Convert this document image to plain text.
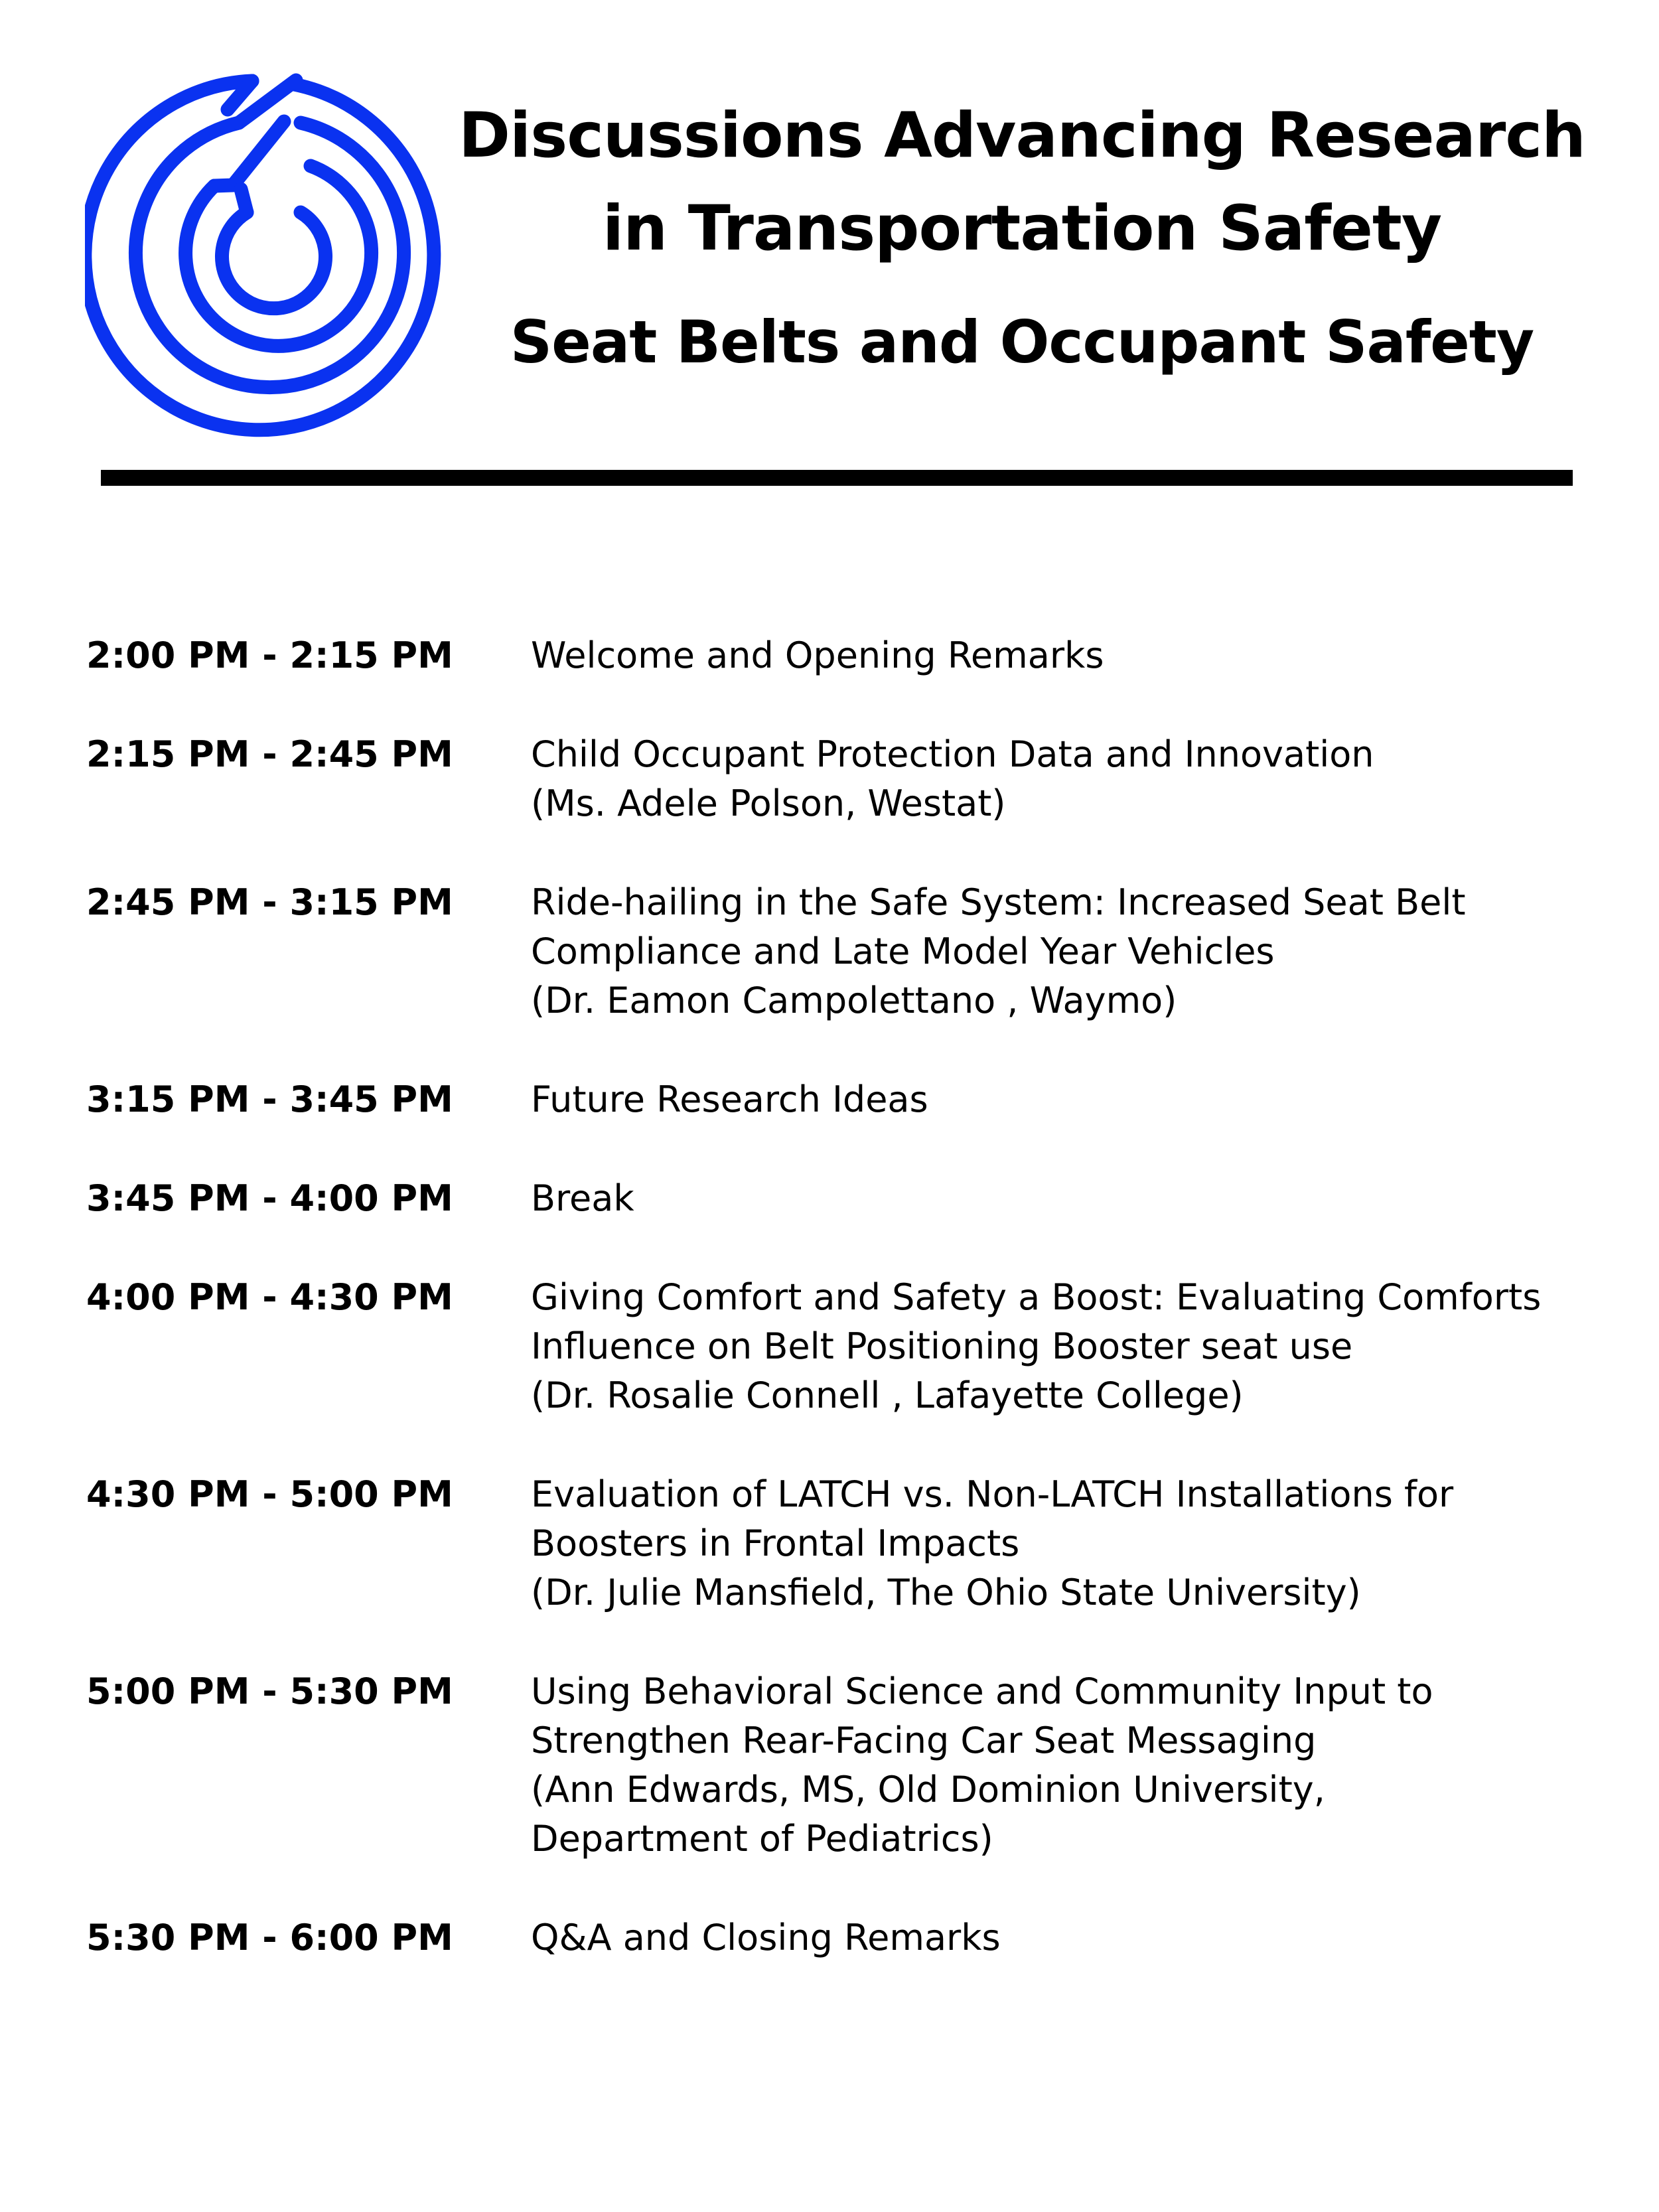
Discussions Advancing Research
in Transportation Safety
Seat Belts and Occupant Safety
2:00 PM - 2:15 PM	Welcome and Opening Remarks
2:15 PM - 2:45 PM	Child Occupant Protection Data and Innovation
(Ms. Adele Polson, Westat)
2:45 PM - 3:15 PM	Ride-hailing in the Safe System: Increased Seat Belt
Compliance and Late Model Year Vehicles
(Dr. Eamon Campolettano , Waymo)
3:15 PM - 3:45 PM	Future Research Ideas
3:45 PM - 4:00 PM	Break
4:00 PM - 4:30 PM	Giving Comfort and Safety a Boost: Evaluating Comforts
Influence on Belt Positioning Booster seat use
(Dr. Rosalie Connell , Lafayette College)
4:30 PM - 5:00 PM	Evaluation of LATCH vs. Non-LATCH Installations for
Boosters in Frontal Impacts
(Dr. Julie Mansfield, The Ohio State University)
5:00 PM - 5:30 PM	Using Behavioral Science and Community Input to
Strengthen Rear-Facing Car Seat Messaging
(Ann Edwards, MS, Old Dominion University,
Department of Pediatrics)
5:30 PM - 6:00 PM	Q&A and Closing Remarks
